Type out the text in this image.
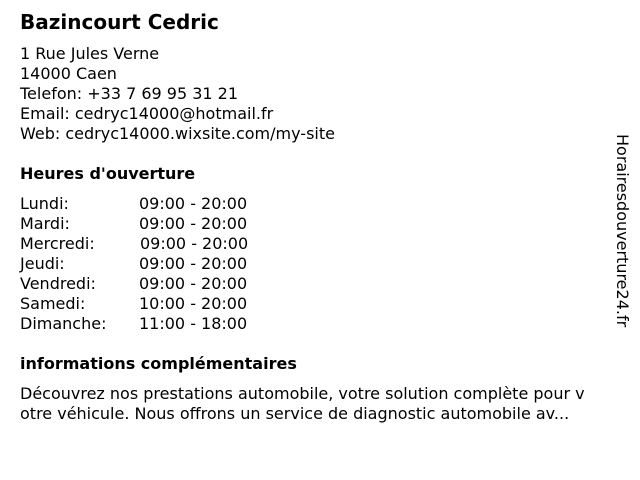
Bazincourt Cedric
1 Rue Jules Verne
14000 Caen
Telefon: +33 7 69 95 31 21
Email: cedryc14000@hotmail.fr
Web: cedryc14000.wixsite.com/my-site
Heures d'ouverture
Lundi:	09:00 - 20:00
Mardi:	09:00 - 20:00
Mercredi:	09:00 - 20:00
Jeudi:	09:00 - 20:00
Vendredi:	09:00 - 20:00
Samedi:	10:00 - 20:00
Dimanche: 11:00 - 18:00
informations complémentaires
Découvrez nos prestations automobile, votre solution complète pour v
otre véhicule. Nous offrons un service de diagnostic automobile av...
Horairesdouverture24.fr
